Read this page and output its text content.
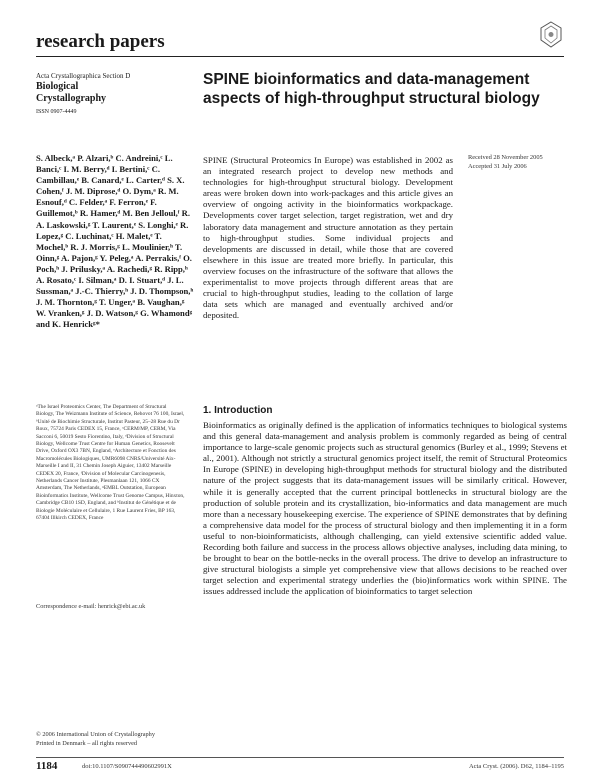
research papers
Acta Crystallographica Section D
Biological
Crystallography
ISSN 0907-4449
SPINE bioinformatics and data-management aspects of high-throughput structural biology
S. Albeck,ᵃ P. Alzari,ᵇ C. Andreini,ᶜ L. Banci,ᶜ I. M. Berry,ᵈ I. Bertini,ᶜ C. Cambillau,ᵉ B. Canard,ᵉ L. Carter,ᵈ S. X. Cohen,ᶠ J. M. Diprose,ᵈ O. Dym,ᵃ R. M. Esnouf,ᵈ C. Felder,ᵃ F. Ferron,ᵉ F. Guillemot,ᵇ R. Hamer,ᵈ M. Ben Jelloul,ᶠ R. A. Laskowski,ᵍ T. Laurent,ᵉ S. Longhi,ᵉ R. Lopez,ᵍ C. Luchinat,ᶜ H. Malet,ᵉ T. Mochel,ᵇ R. J. Morris,ᵍ L. Moulinier,ʰ T. Oinn,ᵍ A. Pajon,ᵍ Y. Peleg,ᵃ A. Perrakis,ᶠ O. Poch,ʰ J. Prilusky,ᵃ A. Rachedi,ᵍ R. Ripp,ʰ A. Rosato,ᶜ I. Silman,ᵃ D. I. Stuart,ᵈ J. L. Sussman,ᵃ J.-C. Thierry,ʰ J. D. Thompson,ʰ J. M. Thornton,ᵍ T. Unger,ᵃ B. Vaughan,ᵍ W. Vranken,ᵍ J. D. Watson,ᵍ G. Whamondᵍ and K. Henrickᵍ*
ᵃThe Israel Proteomics Center, The Department of Structural Biology, The Weizmann Institute of Science, Rehovot 76 100, Israel, ᵇUnité de Biochimie Structurale, Institut Pasteur, 25–28 Rue du Dr Roux, 75724 Paris CEDEX 15, France, ᶜCERM/MP, CERM, Via Sacconi 6, 50019 Sesto Fiorentino, Italy, ᵈDivision of Structural Biology, Wellcome Trust Centre for Human Genetics, Roosevelt Drive, Oxford OX3 7BN, England, ᵉArchitecture et Fonction des Macromolécules Biologiques, UMR6098 CNRS/Université Aix-Marseille I and II, 31 Chemin Joseph Aiguier, 13402 Marseille CEDEX 20, France, ᶠDivision of Molecular Carcinogenesis, Netherlands Cancer Institute, Plesmanlaan 121, 1066 CX Amsterdam, The Netherlands, ᵍEMBL Outstation, European Bioinformatics Institute, Wellcome Trust Genome Campus, Hinxton, Cambridge CB10 1SD, England, and ʰInstitut de Génétique et de Biologie Moléculaire et Cellulaire, 1 Rue Laurent Fries, BP 163, 67404 Illkirch CEDEX, France
Correspondence e-mail: henrick@ebi.ac.uk
© 2006 International Union of Crystallography
Printed in Denmark – all rights reserved
SPINE (Structural Proteomics In Europe) was established in 2002 as an integrated research project to develop new methods and technologies for high-throughput structural biology. Development areas were broken down into work-packages and this article gives an overview of ongoing activity in the bioinformatics workpackage. Developments cover target selection, target registration, wet and dry laboratory data management and structure annotation as they pertain to high-throughput studies. Some individual projects and developments are discussed in detail, while those that are covered elsewhere in this issue are treated more briefly. In particular, this overview focuses on the infrastructure of the software that allows the experimentalist to move projects through different areas that are crucial to high-throughput studies, leading to the collation of large data sets which are managed and eventually archived and/or deposited.
Received 28 November 2005
Accepted 31 July 2006
1. Introduction
Bioinformatics as originally defined is the application of informatics techniques to biological systems and this general data-management and analysis problem is commonly regarded as being of central importance to large-scale genomic projects such as structural genomics (Burley et al., 1999; Stevens et al., 2001). Although not strictly a structural genomics project itself, the remit of Structural Proteomics In Europe (SPINE) in developing high-throughput methods for structural biology and the distributed nature of the project suggests that its data-management issues will be similarly critical. However, while it is generally accepted that the current principal bottlenecks in structural biology are the production of soluble protein and its crystallization, bio-informatics and data management are much more than a necessary housekeeping exercise. The experience of SPINE demonstrates that by defining a comprehensive data model for the process of structural biology and then implementing it in a form useful to non-bioinformaticists, although challenging, can yield extensive scientific added value. Recording both failure and success in the process allows objective analyses, including data mining, to be brought to bear on the bottle-necks in the overall process. The drive to develop an infrastructure to give structural biologists a simple yet comprehensive view that allows decisions to be reached over target selection and experimental strategy underlies the (bio)informatics work within SPINE. The issues addressed include the application of bioinformatics to target selection
1184	doi:10.1107/S090744490602991X	Acta Cryst. (2006). D62, 1184–1195
